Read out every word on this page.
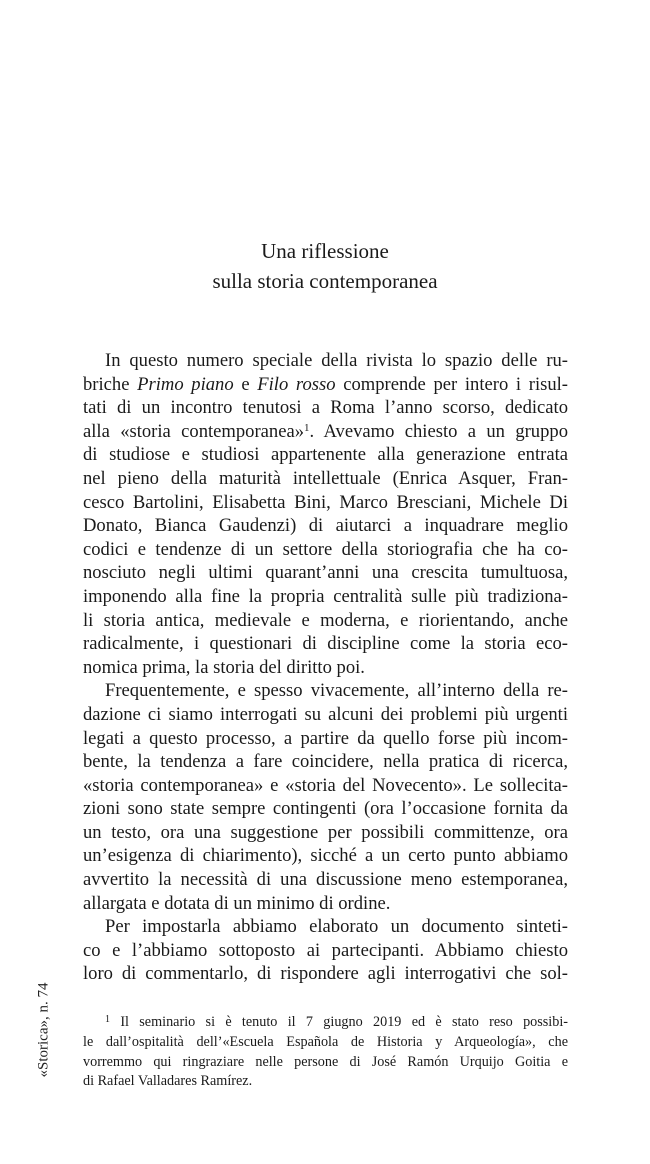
Una riflessione
sulla storia contemporanea
In questo numero speciale della rivista lo spazio delle ru-
briche Primo piano e Filo rosso comprende per intero i risul-
tati di un incontro tenutosi a Roma l’anno scorso, dedicato
alla «storia contemporanea»$^1$. Avevamo chiesto a un gruppo
di studiose e studiosi appartenente alla generazione entrata
nel pieno della maturità intellettuale (Enrica Asquer, Fran-
cesco Bartolini, Elisabetta Bini, Marco Bresciani, Michele Di
Donato, Bianca Gaudenzi) di aiutarci a inquadrare meglio
codici e tendenze di un settore della storiografia che ha co-
nosciuto negli ultimi quarant’anni una crescita tumultuosa,
imponendo alla fine la propria centralità sulle più tradiziona-
li storia antica, medievale e moderna, e riorientando, anche
radicalmente, i questionari di discipline come la storia eco-
nomica prima, la storia del diritto poi.
Frequentemente, e spesso vivacemente, all’interno della re-
dazione ci siamo interrogati su alcuni dei problemi più urgenti
legati a questo processo, a partire da quello forse più incom-
bente, la tendenza a fare coincidere, nella pratica di ricerca,
«storia contemporanea» e «storia del Novecento». Le sollecita-
zioni sono state sempre contingenti (ora l’occasione fornita da
un testo, ora una suggestione per possibili committenze, ora
un’esigenza di chiarimento), sicché a un certo punto abbiamo
avvertito la necessità di una discussione meno estemporanea,
allargata e dotata di un minimo di ordine.
Per impostarla abbiamo elaborato un documento sinteti-
co e l’abbiamo sottoposto ai partecipanti. Abbiamo chiesto
loro di commentarlo, di rispondere agli interrogativi che sol-
$^1$ Il seminario si è tenuto il 7 giugno 2019 ed è stato reso possibi-
le dall’ospitalità dell’«Escuela Española de Historia y Arqueología», che
vorremmo qui ringraziare nelle persone di José Ramón Urquijo Goitia e
di Rafael Valladares Ramírez.
«Storica», n. 74
